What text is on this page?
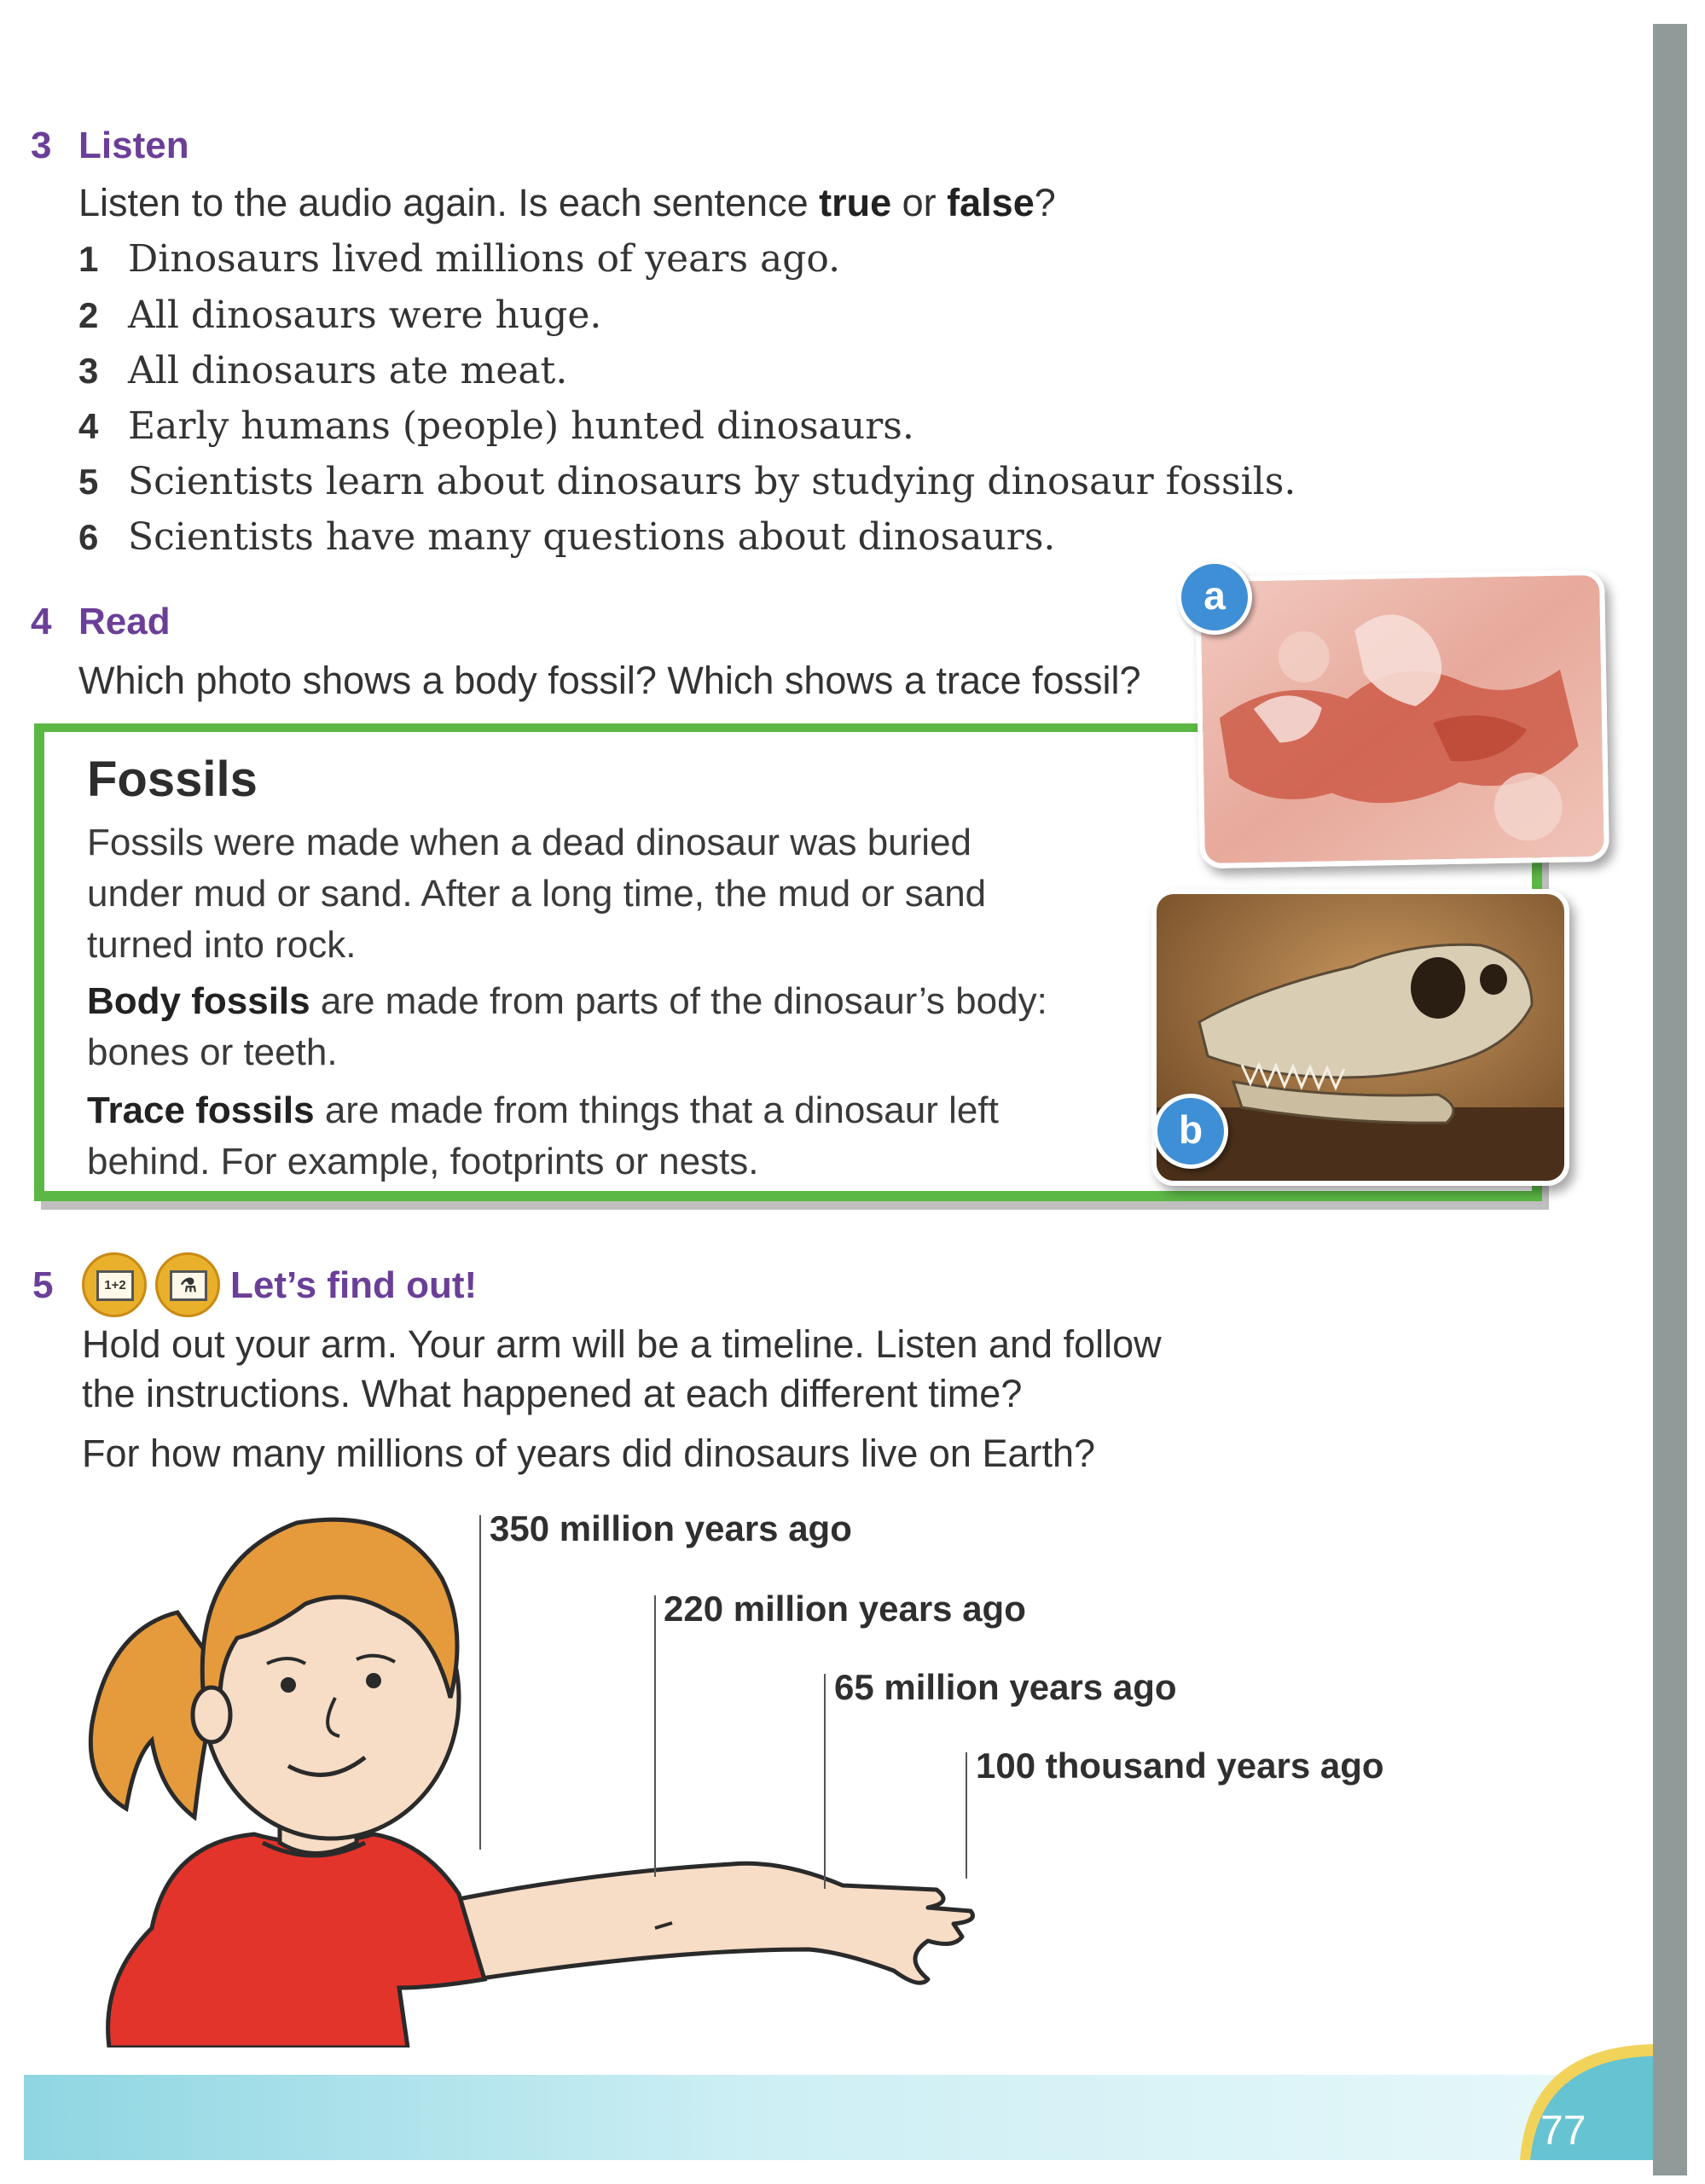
3 Listen
Listen to the audio again. Is each sentence true or false?
1 Dinosaurs lived millions of years ago.
2 All dinosaurs were huge.
3 All dinosaurs ate meat.
4 Early humans (people) hunted dinosaurs.
5 Scientists learn about dinosaurs by studying dinosaur fossils.
6 Scientists have many questions about dinosaurs.
4 Read
Which photo shows a body fossil? Which shows a trace fossil?
Fossils
Fossils were made when a dead dinosaur was buried
under mud or sand. After a long time, the mud or sand
turned into rock.
Body fossils are made from parts of the dinosaur’s body:
bones or teeth.
Trace fossils are made from things that a dinosaur left
behind. For example, footprints or nests.
a
b
5	1+2	⚗ Let’s find out!
Hold out your arm. Your arm will be a timeline. Listen and follow
the instructions. What happened at each different time?
For how many millions of years did dinosaurs live on Earth?
350 million years ago
220 million years ago
65 million years ago
100 thousand years ago
77
